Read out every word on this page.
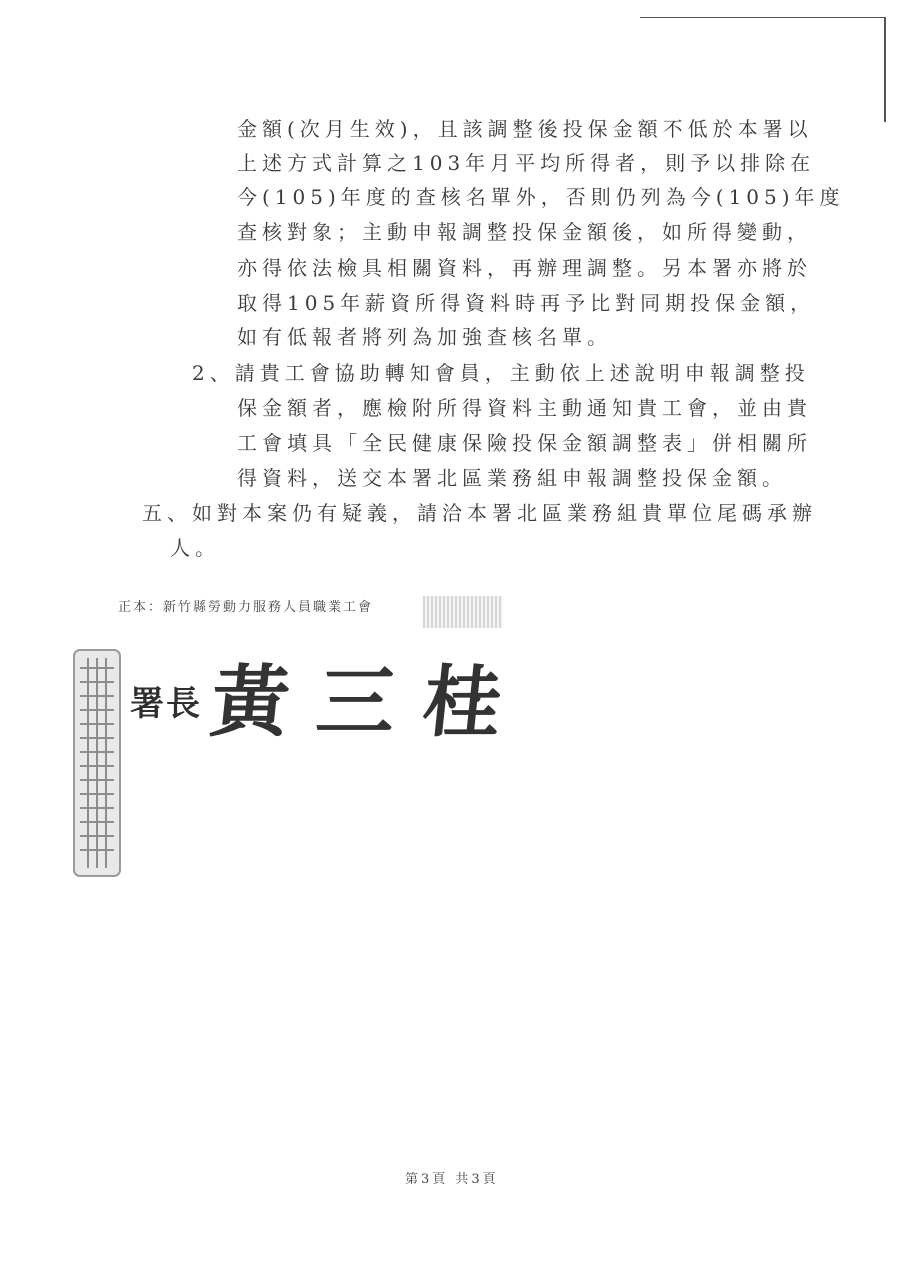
金額(次月生效)，且該調整後投保金額不低於本署以
上述方式計算之103年月平均所得者，則予以排除在
今(105)年度的查核名單外，否則仍列為今(105)年度
查核對象；主動申報調整投保金額後，如所得變動，
亦得依法檢具相關資料，再辦理調整。另本署亦將於
取得105年薪資所得資料時再予比對同期投保金額，
如有低報者將列為加強查核名單。
2、請貴工會協助轉知會員，主動依上述說明申報調整投
保金額者，應檢附所得資料主動通知貴工會，並由貴
工會填具「全民健康保險投保金額調整表」併相關所
得資料，送交本署北區業務組申報調整投保金額。
五、如對本案仍有疑義，請洽本署北區業務組貴單位尾碼承辦
人。
正本：新竹縣勞動力服務人員職業工會
署長 黃三桂
第3頁 共3頁
